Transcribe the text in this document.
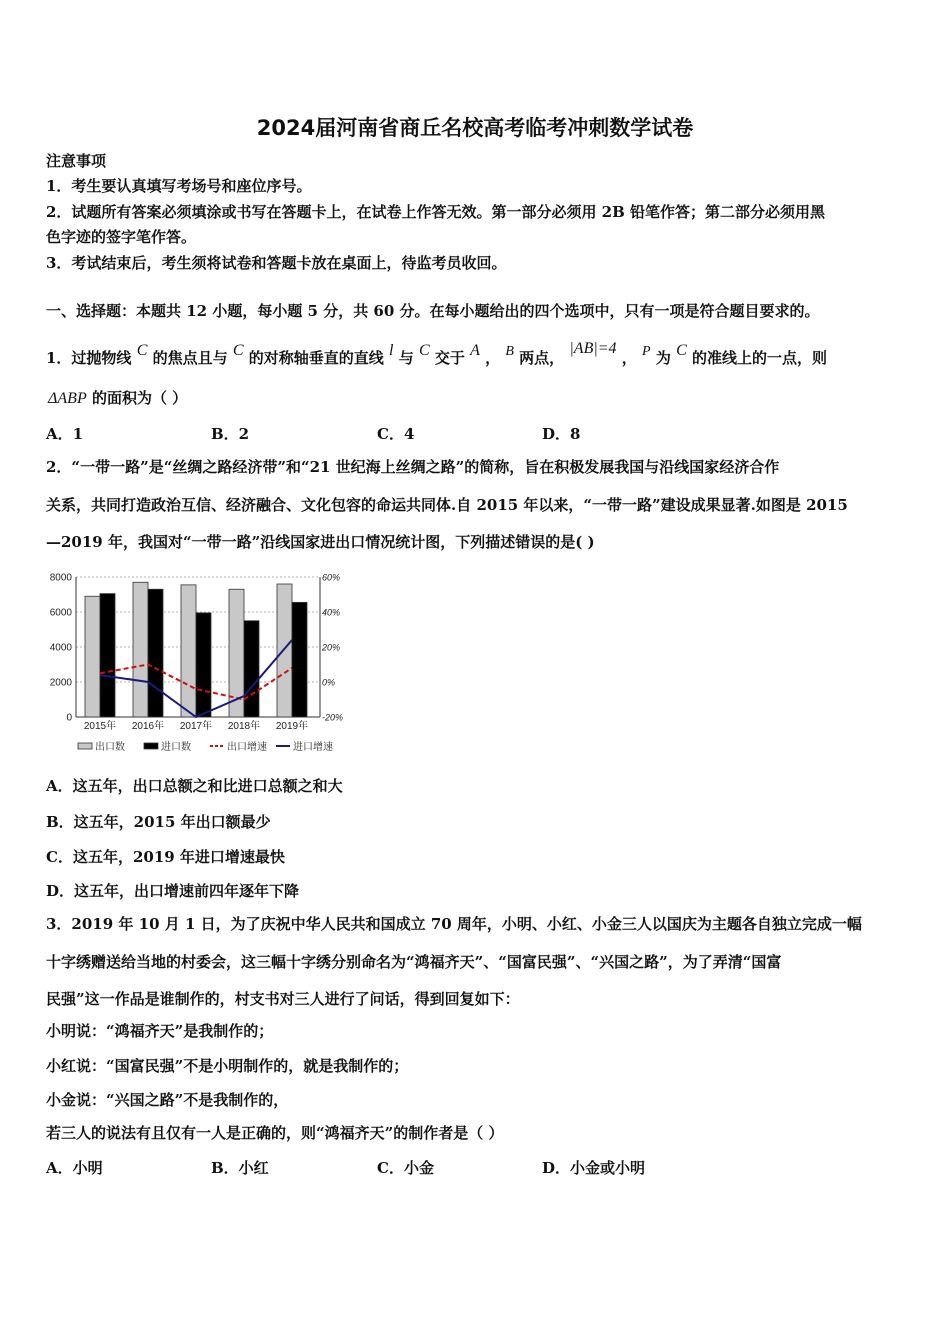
2024届河南省商丘名校高考临考冲刺数学试卷
注意事项
1．考生要认真填写考场号和座位序号。
2．试题所有答案必须填涂或书写在答题卡上，在试卷上作答无效。第一部分必须用 2B 铅笔作答；第二部分必须用黑
色字迹的签字笔作答。
3．考试结束后，考生须将试卷和答题卡放在桌面上，待监考员收回。
一、选择题：本题共 12 小题，每小题 5 分，共 60 分。在每小题给出的四个选项中，只有一项是符合题目要求的。
1．过抛物线 C 的焦点且与 C 的对称轴垂直的直线 l 与 C 交于 A ， B 两点， |AB|=4 ， P 为 C 的准线上的一点，则
ΔABP 的面积为（ ）
A．1	B．2	C．4	D．8
2．“一带一路”是“丝绸之路经济带”和“21 世纪海上丝绸之路”的简称，旨在积极发展我国与沿线国家经济合作
关系，共同打造政治互信、经济融合、文化包容的命运共同体.自 2015 年以来，“一带一路”建设成果显著.如图是 2015
—2019 年，我国对“一带一路”沿线国家进出口情况统计图，下列描述错误的是( )
0
2000
4000
6000
8000
-20%
0%
20%
40%
60%
2015年 2016年 2017年 2018年 2019年
出口数	进口数	出口增速	进口增速
A．这五年，出口总额之和比进口总额之和大
B．这五年，2015 年出口额最少
C．这五年，2019 年进口增速最快
D．这五年，出口增速前四年逐年下降
3．2019 年 10 月 1 日，为了庆祝中华人民共和国成立 70 周年，小明、小红、小金三人以国庆为主题各自独立完成一幅
十字绣赠送给当地的村委会，这三幅十字绣分别命名为“鸿福齐天”、“国富民强”、“兴国之路”，为了弄清“国富
民强”这一作品是谁制作的，村支书对三人进行了问话，得到回复如下：
小明说：“鸿福齐天”是我制作的；
小红说：“国富民强”不是小明制作的，就是我制作的；
小金说：“兴国之路”不是我制作的，
若三人的说法有且仅有一人是正确的，则“鸿福齐天”的制作者是（ ）
A．小明	B．小红	C．小金	D．小金或小明
